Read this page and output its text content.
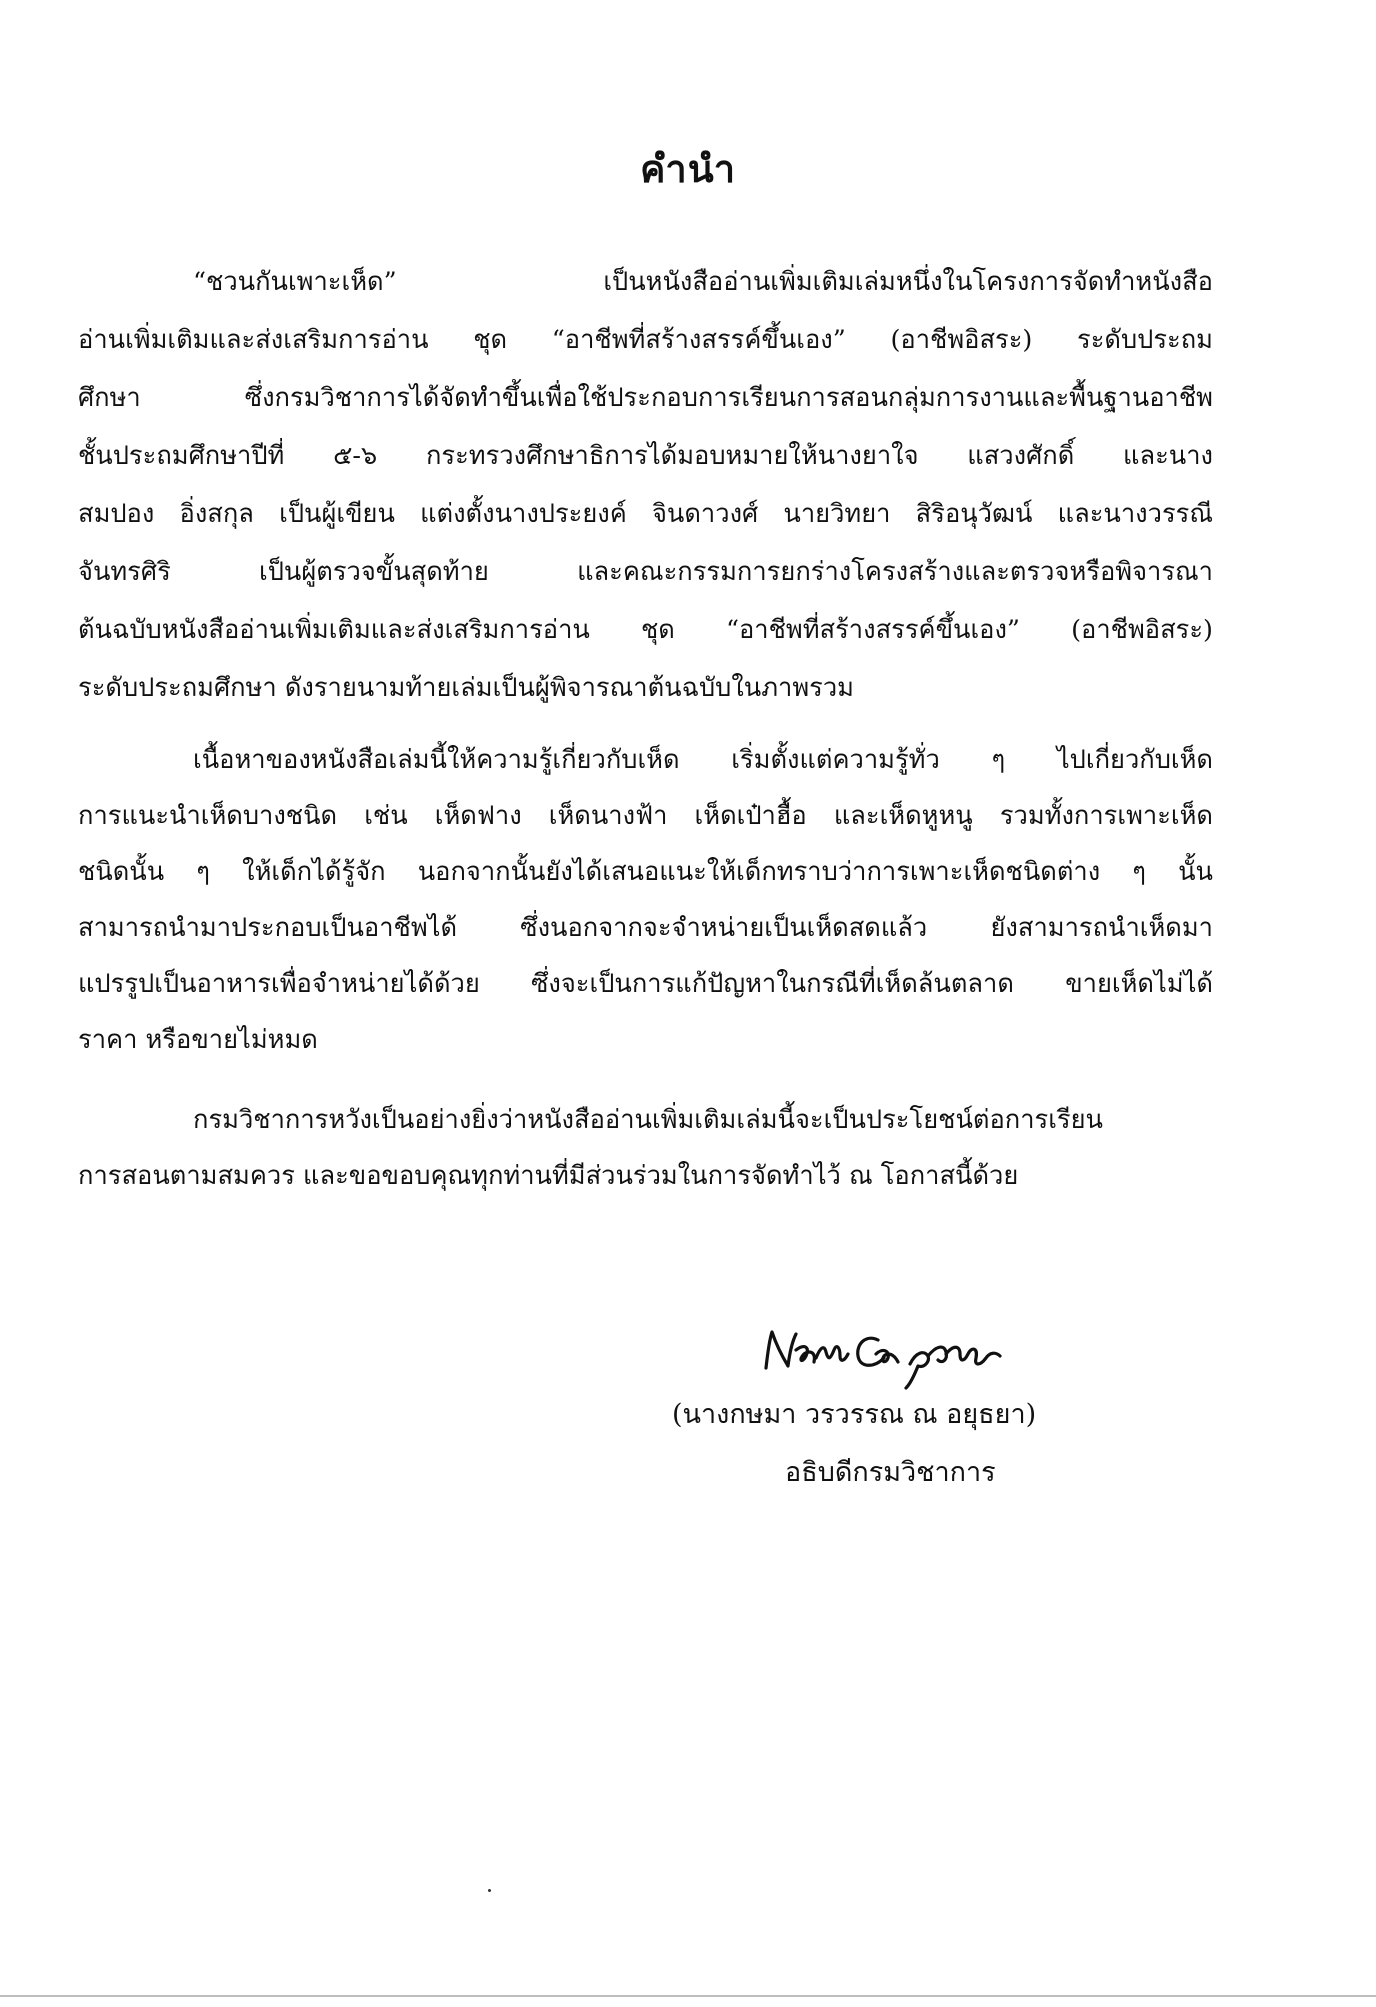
คำนำ
“ชวนกันเพาะเห็ด” เป็นหนังสืออ่านเพิ่มเติมเล่มหนึ่งในโครงการจัดทำหนังสือ
อ่านเพิ่มเติมและส่งเสริมการอ่าน ชุด “อาชีพที่สร้างสรรค์ขึ้นเอง” (อาชีพอิสระ) ระดับประถม
ศึกษา ซึ่งกรมวิชาการได้จัดทำขึ้นเพื่อใช้ประกอบการเรียนการสอนกลุ่มการงานและพื้นฐานอาชีพ
ชั้นประถมศึกษาปีที่ ๕-๖ กระทรวงศึกษาธิการได้มอบหมายให้นางยาใจ แสวงศักดิ์ และนาง
สมปอง อิ่งสกุล เป็นผู้เขียน แต่งตั้งนางประยงค์ จินดาวงศ์ นายวิทยา สิริอนุวัฒน์ และนางวรรณี
จันทรศิริ เป็นผู้ตรวจขั้นสุดท้าย และคณะกรรมการยกร่างโครงสร้างและตรวจหรือพิจารณา
ต้นฉบับหนังสืออ่านเพิ่มเติมและส่งเสริมการอ่าน ชุด “อาชีพที่สร้างสรรค์ขึ้นเอง” (อาชีพอิสระ)
ระดับประถมศึกษา ดังรายนามท้ายเล่มเป็นผู้พิจารณาต้นฉบับในภาพรวม
เนื้อหาของหนังสือเล่มนี้ให้ความรู้เกี่ยวกับเห็ด เริ่มตั้งแต่ความรู้ทั่ว ๆ ไปเกี่ยวกับเห็ด
การแนะนำเห็ดบางชนิด เช่น เห็ดฟาง เห็ดนางฟ้า เห็ดเป๋าฮื้อ และเห็ดหูหนู รวมทั้งการเพาะเห็ด
ชนิดนั้น ๆ ให้เด็กได้รู้จัก นอกจากนั้นยังได้เสนอแนะให้เด็กทราบว่าการเพาะเห็ดชนิดต่าง ๆ นั้น
สามารถนำมาประกอบเป็นอาชีพได้ ซึ่งนอกจากจะจำหน่ายเป็นเห็ดสดแล้ว ยังสามารถนำเห็ดมา
แปรรูปเป็นอาหารเพื่อจำหน่ายได้ด้วย ซึ่งจะเป็นการแก้ปัญหาในกรณีที่เห็ดล้นตลาด ขายเห็ดไม่ได้
ราคา หรือขายไม่หมด
กรมวิชาการหวังเป็นอย่างยิ่งว่าหนังสืออ่านเพิ่มเติมเล่มนี้จะเป็นประโยชน์ต่อการเรียน
การสอนตามสมควร และขอขอบคุณทุกท่านที่มีส่วนร่วมในการจัดทำไว้ ณ โอกาสนี้ด้วย
(นางกษมา วรวรรณ ณ อยุธยา)
อธิบดีกรมวิชาการ
